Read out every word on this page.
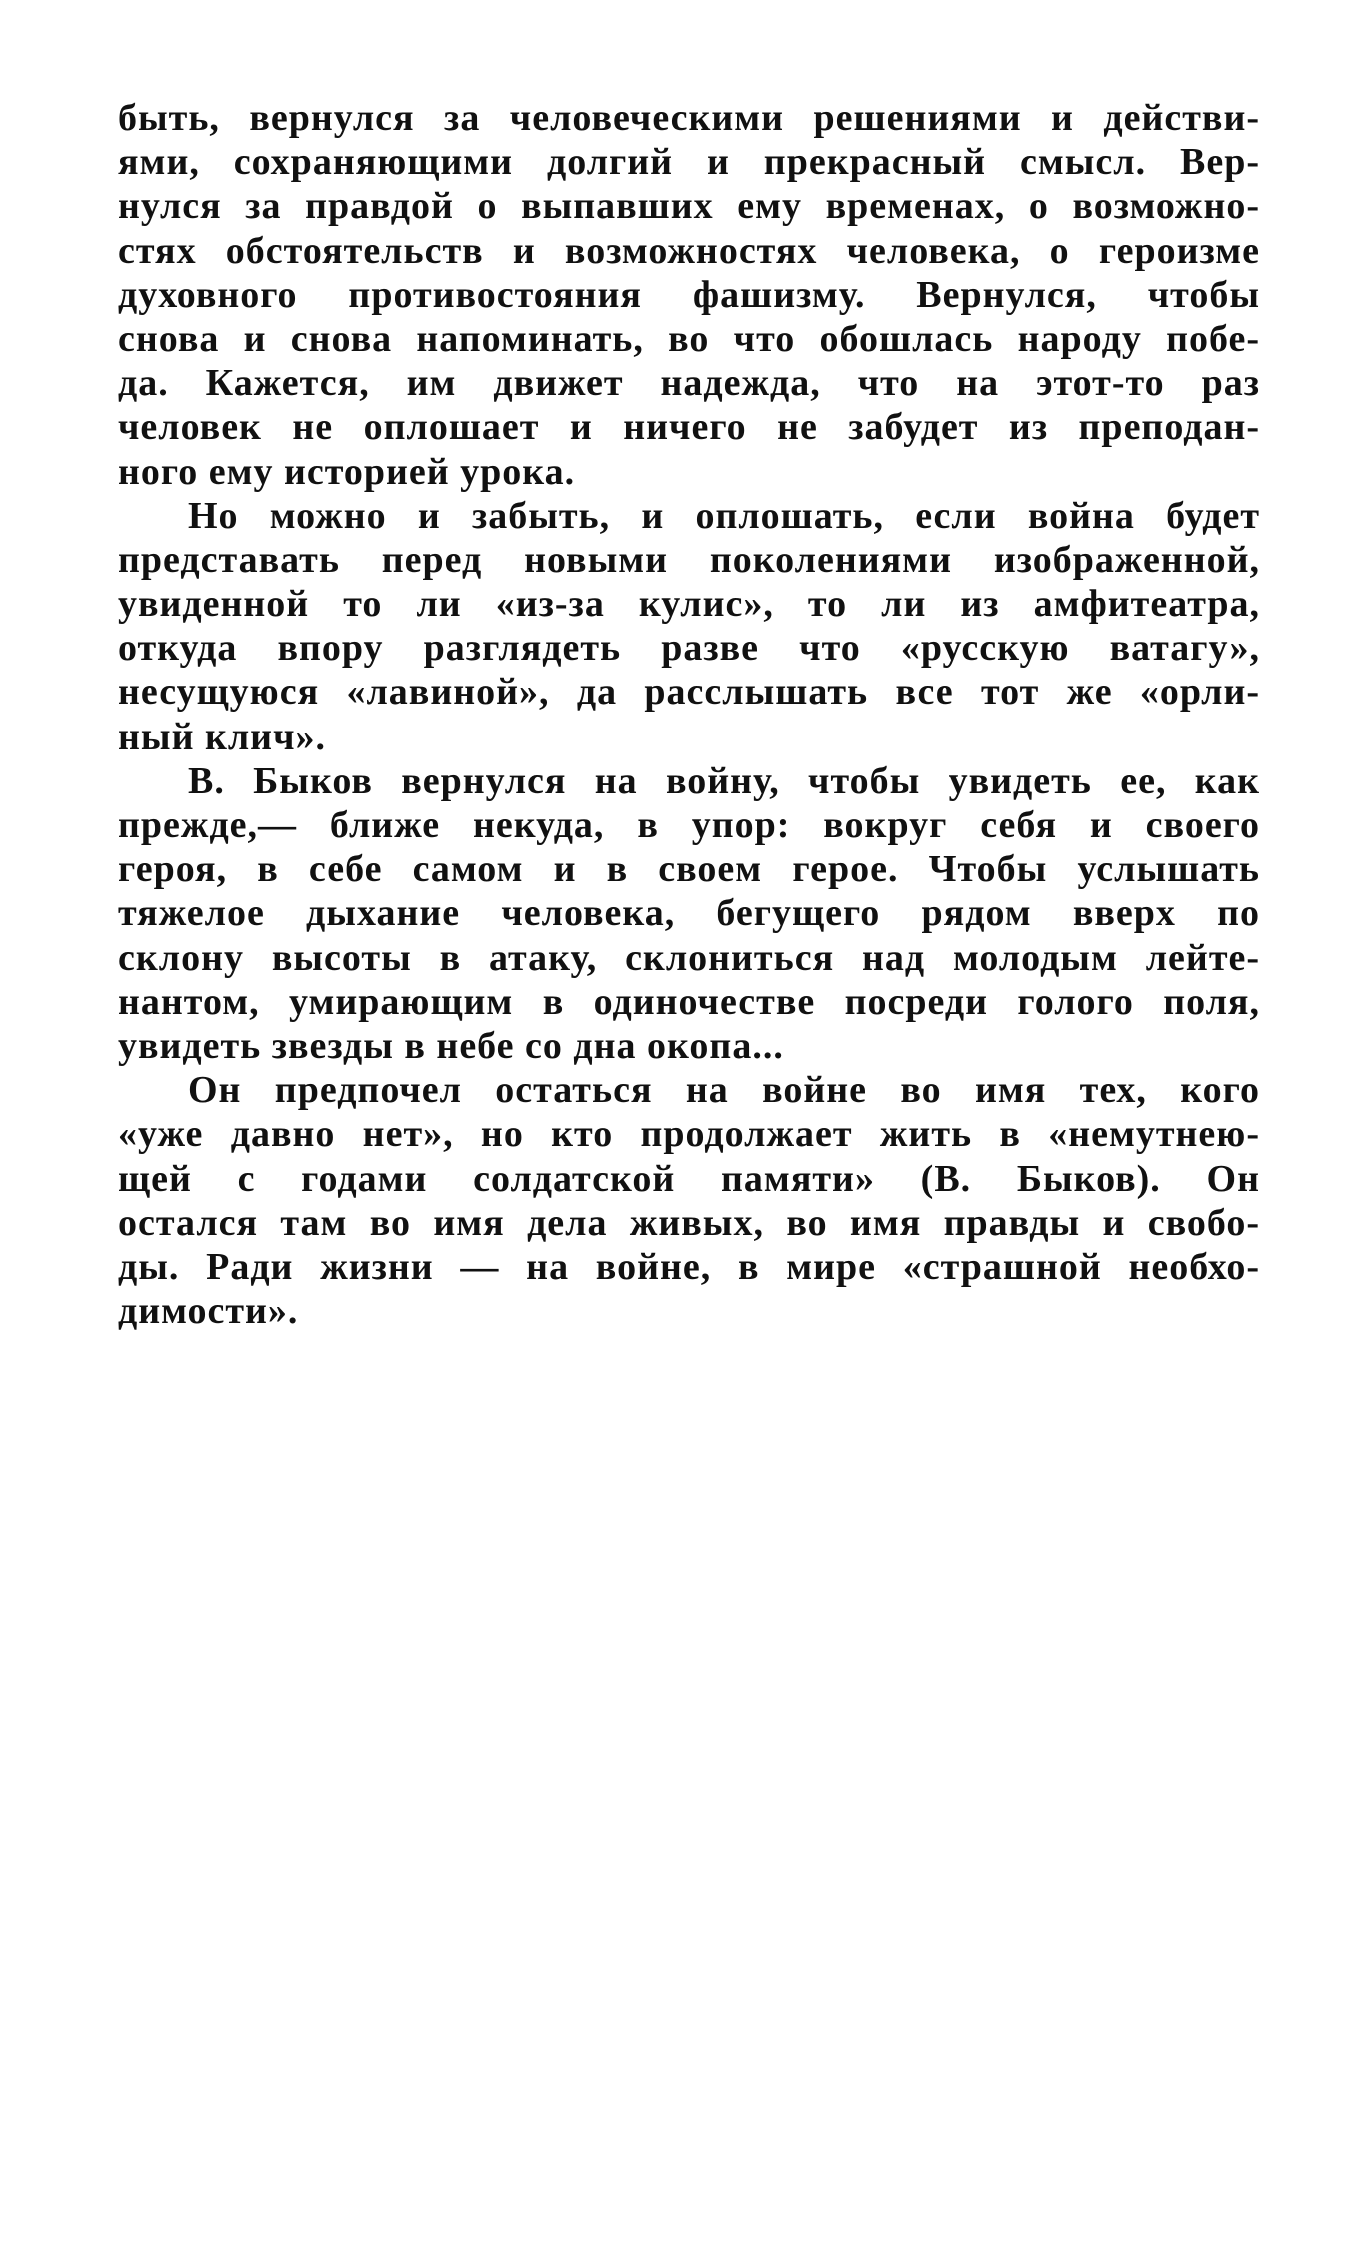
быть, вернулся за человеческими решениями и действи-
ями, сохраняющими долгий и прекрасный смысл. Вер-
нулся за правдой о выпавших ему временах, о возможно-
стях обстоятельств и возможностях человека, о героизме
духовного противостояния фашизму. Вернулся, чтобы
снова и снова напоминать, во что обошлась народу побе-
да. Кажется, им движет надежда, что на этот-то раз
человек не оплошает и ничего не забудет из преподан-
ного ему историей урока.
Но можно и забыть, и оплошать, если война будет
представать перед новыми поколениями изображенной,
увиденной то ли «из-за кулис», то ли из амфитеатра,
откуда впору разглядеть разве что «русскую ватагу»,
несущуюся «лавиной», да расслышать все тот же «орли-
ный клич».
В. Быков вернулся на войну, чтобы увидеть ее, как
прежде,— ближе некуда, в упор: вокруг себя и своего
героя, в себе самом и в своем герое. Чтобы услышать
тяжелое дыхание человека, бегущего рядом вверх по
склону высоты в атаку, склониться над молодым лейте-
нантом, умирающим в одиночестве посреди голого поля,
увидеть звезды в небе со дна окопа...
Он предпочел остаться на войне во имя тех, кого
«уже давно нет», но кто продолжает жить в «немутнею-
щей с годами солдатской памяти» (В. Быков). Он
остался там во имя дела живых, во имя правды и свобо-
ды. Ради жизни — на войне, в мире «страшной необхо-
димости».
